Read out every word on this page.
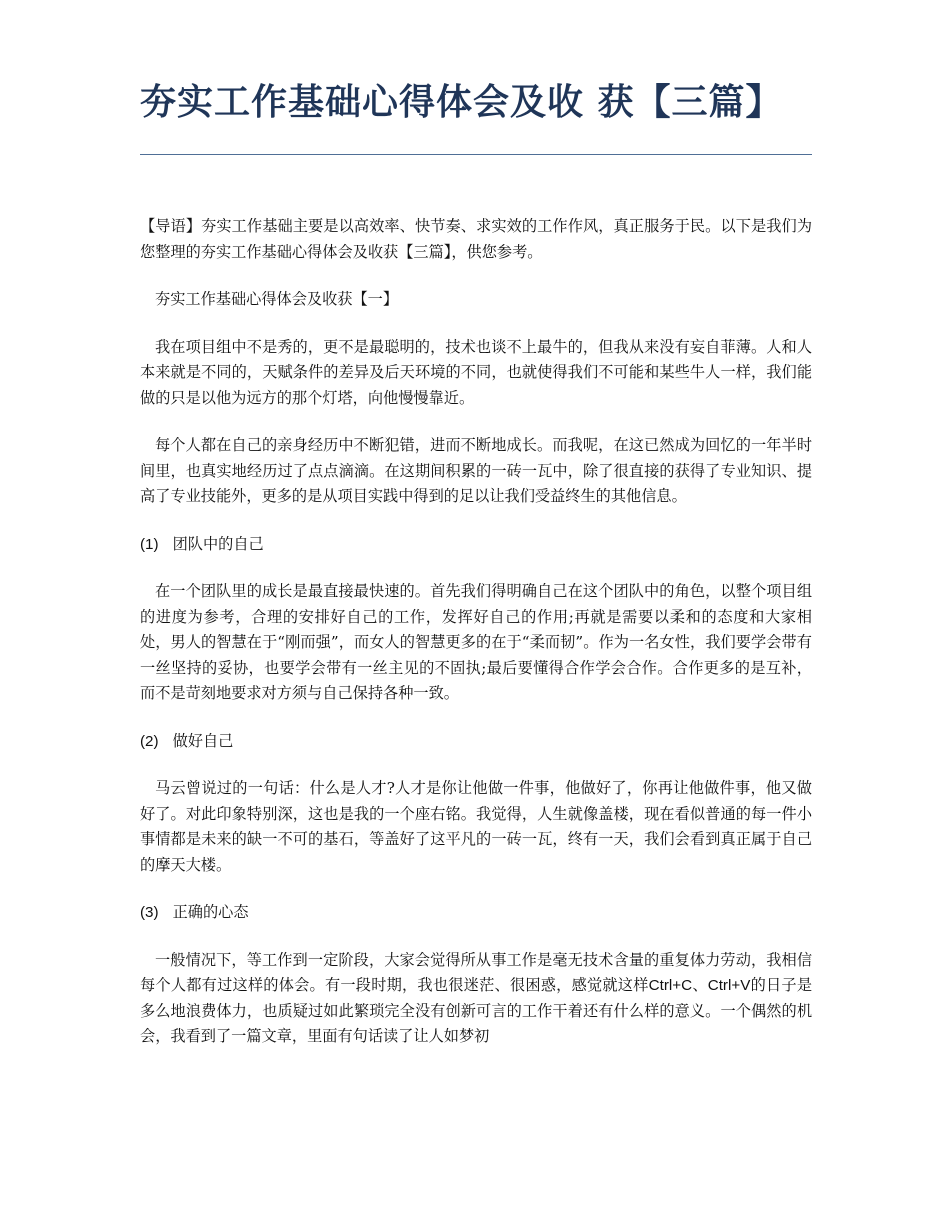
夯实工作基础心得体会及收 获【三篇】

【导语】夯实工作基础主要是以高效率、快节奏、求实效的工作作风，真正服务于民。以下是我们为您整理的夯实工作基础心得体会及收获【三篇】，供您参考。

夯实工作基础心得体会及收获【一】

我在项目组中不是秀的，更不是最聪明的，技术也谈不上最牛的，但我从来没有妄自菲薄。人和人本来就是不同的，天赋条件的差异及后天环境的不同，也就使得我们不可能和某些牛人一样，我们能做的只是以他为远方的那个灯塔，向他慢慢靠近。

每个人都在自己的亲身经历中不断犯错，进而不断地成长。而我呢，在这已然成为回忆的一年半时间里，也真实地经历过了点点滴滴。在这期间积累的一砖一瓦中，除了很直接的获得了专业知识、提高了专业技能外，更多的是从项目实践中得到的足以让我们受益终生的其他信息。

(1) 团队中的自己

在一个团队里的成长是最直接最快速的。首先我们得明确自己在这个团队中的角色，以整个项目组的进度为参考，合理的安排好自己的工作，发挥好自己的作用;再就是需要以柔和的态度和大家相处，男人的智慧在于“刚而强”，而女人的智慧更多的在于“柔而韧”。作为一名女性，我们要学会带有一丝坚持的妥协，也要学会带有一丝主见的不固执;最后要懂得合作学会合作。合作更多的是互补，而不是苛刻地要求对方须与自己保持各种一致。

(2) 做好自己

马云曾说过的一句话：什么是人才?人才是你让他做一件事，他做好了，你再让他做件事，他又做好了。对此印象特别深，这也是我的一个座右铭。我觉得，人生就像盖楼，现在看似普通的每一件小事情都是未来的缺一不可的基石，等盖好了这平凡的一砖一瓦，终有一天，我们会看到真正属于自己的摩天大楼。

(3) 正确的心态

一般情况下，等工作到一定阶段，大家会觉得所从事工作是毫无技术含量的重复体力劳动，我相信每个人都有过这样的体会。有一段时期，我也很迷茫、很困惑，感觉就这样Ctrl+C、Ctrl+V的日子是多么地浪费体力，也质疑过如此繁琐完全没有创新可言的工作干着还有什么样的意义。一个偶然的机会，我看到了一篇文章，里面有句话读了让人如梦初
